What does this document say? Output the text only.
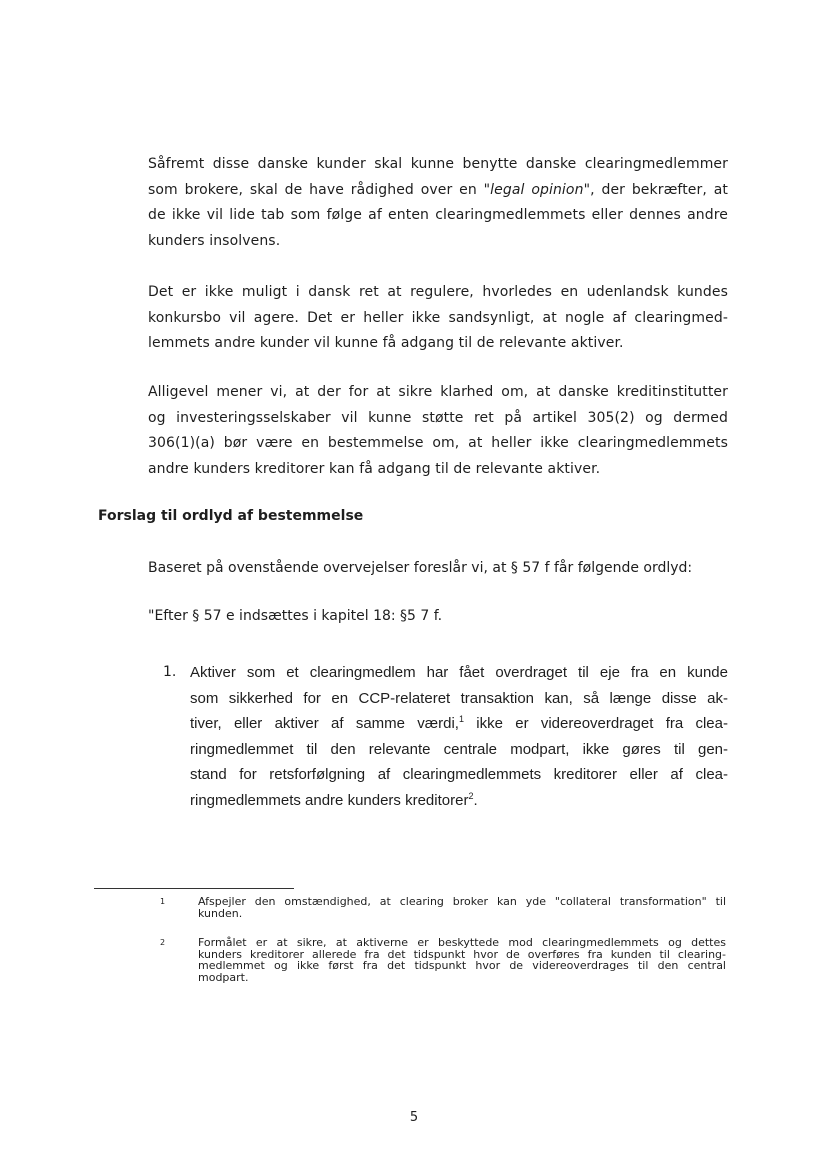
Såfremt disse danske kunder skal kunne benytte danske clearingmedlemmer
som brokere, skal de have rådighed over en "legal opinion", der bekræfter, at
de ikke vil lide tab som følge af enten clearingmedlemmets eller dennes andre
kunders insolvens.
Det er ikke muligt i dansk ret at regulere, hvorledes en udenlandsk kundes
konkursbo vil agere. Det er heller ikke sandsynligt, at nogle af clearingmed-
lemmets andre kunder vil kunne få adgang til de relevante aktiver.
Alligevel mener vi, at der for at sikre klarhed om, at danske kreditinstitutter
og investeringsselskaber vil kunne støtte ret på artikel 305(2) og dermed
306(1)(a) bør være en bestemmelse om, at heller ikke clearingmedlemmets
andre kunders kreditorer kan få adgang til de relevante aktiver.
Forslag til ordlyd af bestemmelse
Baseret på ovenstående overvejelser foreslår vi, at § 57 f får følgende ordlyd:
"Efter § 57 e indsættes i kapitel 18: §5 7 f.
1. Aktiver som et clearingmedlem har fået overdraget til eje fra en kunde
som sikkerhed for en CCP-relateret transaktion kan, så længe disse ak-
tiver, eller aktiver af samme værdi,$^1$ ikke er videreoverdraget fra clea-
ringmedlemmet til den relevante centrale modpart, ikke gøres til gen-
stand for retsforfølgning af clearingmedlemmets kreditorer eller af clea-
ringmedlemmets andre kunders kreditorer$^2$.
1	Afspejler den omstændighed, at clearing broker kan yde "collateral transformation" til
kunden.
2	Formålet er at sikre, at aktiverne er beskyttede mod clearingmedlemmets og dettes
kunders kreditorer allerede fra det tidspunkt hvor de overføres fra kunden til clearing-
medlemmet og ikke først fra det tidspunkt hvor de videreoverdrages til den central
modpart.
5
